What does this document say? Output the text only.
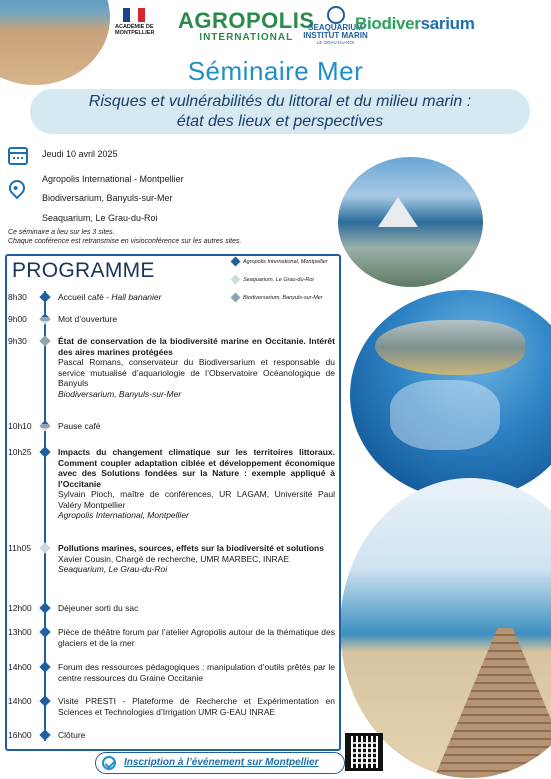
ACADÉMIE DE MONTPELLIER	AGROPOLIS
INTERNATIONAL
SEAQUARIUM
INSTITUT MARIN
LE GRAU-DU-ROI
Biodiversarium
Séminaire Mer
Risques et vulnérabilités du littoral et du milieu marin :
état des lieux et perspectives
Jeudi 10 avril 2025
Agropolis International - Montpellier
Biodiversarium, Banyuls-sur-Mer
Seaquarium, Le Grau-du-Roi
Ce séminaire a lieu sur les 3 sites.
Chaque conférence est retransmise en visioconférence sur les autres sites.
PROGRAMME	Agropolis International, Montpellier
Seaquarium, Le Grau-du-Roi
Biodiversarium, Banyuls-sur-Mer
8h30	Accueil café - Hall bananier
9h00	Mot d’ouverture
9h30	État de conservation de la biodiversité marine en Occitanie. Intérêt des aires marines protégées
Pascal Romans, conservateur du Biodiversarium et responsable du service mutualisé d’aquariologie de l’Observatoire Océanologique de Banyuls
Biodiversarium, Banyuls-sur-Mer
10h10	Pause café
10h25	Impacts du changement climatique sur les territoires littoraux. Comment coupler adaptation ciblée et développement économique avec des Solutions fondées sur la Nature : exemple appliqué à l’Occitanie
Sylvain Pioch, maître de conférences, UR LAGAM, Université Paul Valéry Montpellier
Agropolis International, Montpellier
11h05	Pollutions marines, sources, effets sur la biodiversité et solutions
Xavier Cousin, Chargé de recherche, UMR MARBEC, INRAE
Seaquarium, Le Grau-du-Roi
12h00	Déjeuner sorti du sac
13h00	Pièce de théâtre forum par l’atelier Agropolis autour de la thématique des glaciers et de la mer
14h00	Forum des ressources pédagogiques : manipulation d’outils prêtés par le centre ressources du Graine Occitanie
14h00	Visite PRESTI - Plateforme de Recherche et Expérimentation en Sciences et Technologies d’Irrigation UMR G-EAU INRAE
16h00	Clôture
Inscription à l’événement sur Montpellier
